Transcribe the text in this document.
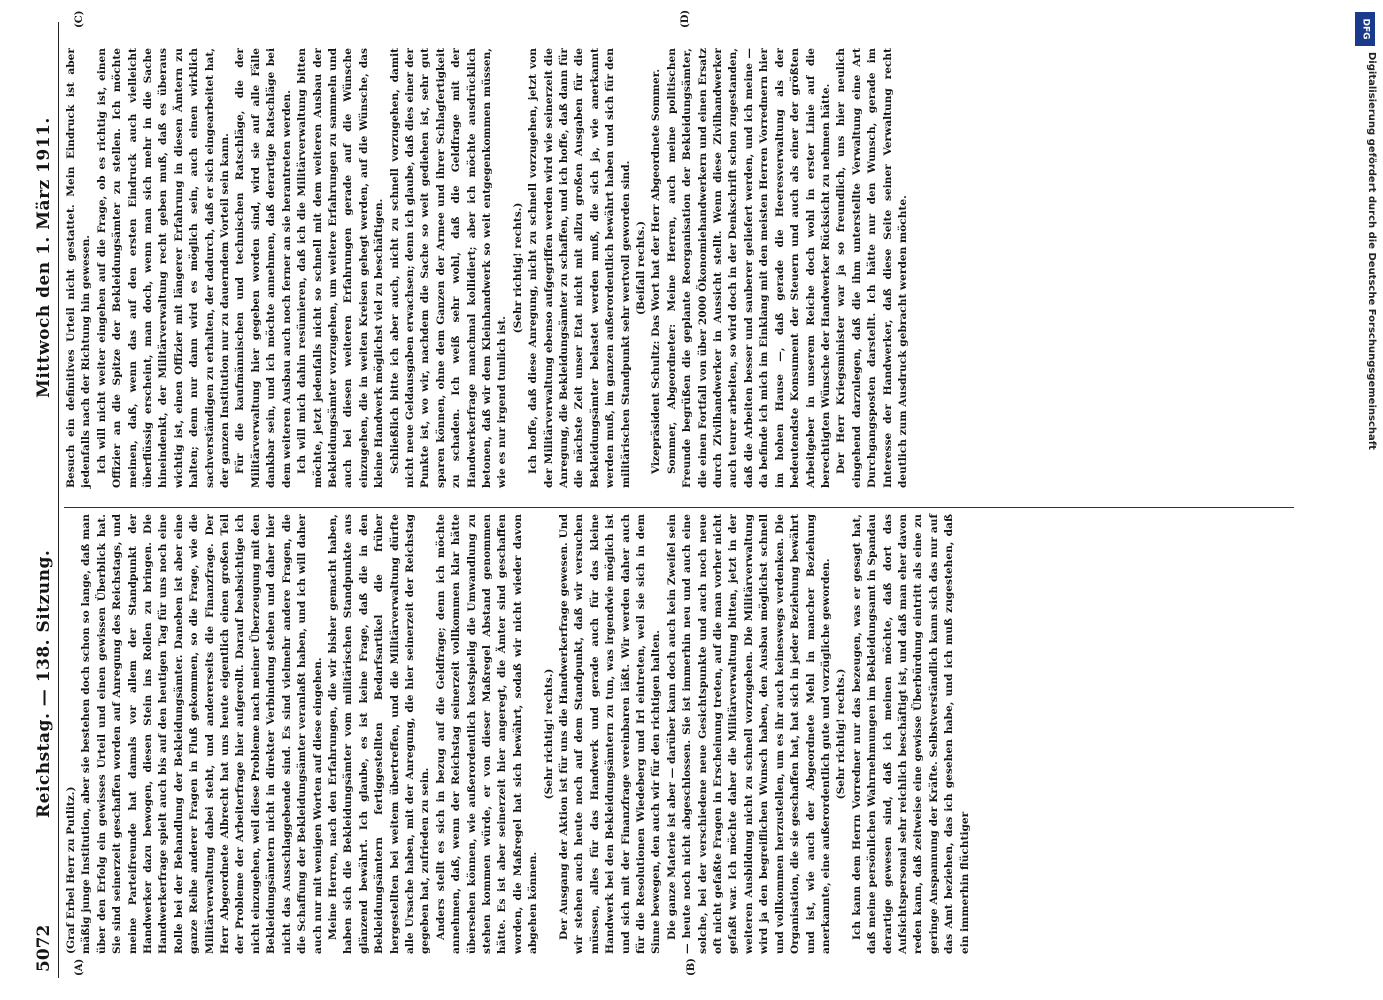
5072
Reichstag. — 138. Sitzung.
Mittwoch den 1. März 1911.
(A)	(B)
(C)	(D)

(Graf Erbel Herr zu Putlitz.) mäßig junge Institution, aber sie bestehen doch schon so lange, daß man über den Erfolg ein gewisses Urteil und einen gewissen Überblick hat. Sie sind seinerzeit geschaffen worden auf Anregung des Reichstags, und meine Parteifreunde hat damals vor allem der Standpunkt der Handwerker dazu bewogen, diesen Stein ins Rollen zu bringen. Die Handwerkerfrage spielt auch bis auf den heutigen Tag für uns noch eine Rolle bei der Behandlung der Bekleidungsämter. Daneben ist aber eine ganze Reihe anderer Fragen in Fluß gekommen, so die Frage, wie die Militärverwaltung dabei steht, und andererseits die Finanzfrage. Der Herr Abgeordnete Albrecht hat uns heute eigentlich einen großen Teil der Probleme der Arbeiterfrage hier aufgerollt. Darauf beabsichtige ich nicht einzugehen, weil diese Probleme nach meiner Überzeugung mit den Bekleidungsämtern nicht in direkter Verbindung stehen und daher hier nicht das Ausschlaggebende sind. Es sind vielmehr andere Fragen, die die Schaffung der Bekleidungsämter veranlaßt haben, und ich will daher auch nur mit wenigen Worten auf diese eingehen. Meine Herren, nach den Erfahrungen, die wir bisher gemacht haben, haben sich die Bekleidungsämter vom militärischen Standpunkte aus glänzend bewährt. Ich glaube, es ist keine Frage, daß die in den Bekleidungsämtern fertiggestellten Bedarfsartikel die früher hergestellten bei weitem übertreffen, und die Militärverwaltung dürfte alle Ursache haben, mit der Anregung, die hier seinerzeit der Reichstag gegeben hat, zufrieden zu sein. Anders stellt es sich in bezug auf die Geldfrage; denn ich möchte annehmen, daß, wenn der Reichstag seinerzeit vollkommen klar hätte übersehen können, wie außerordentlich kostspielig die Umwandlung zu stehen kommen würde, er von dieser Maßregel Abstand genommen hätte. Es ist aber seinerzeit hier angeregt, die Ämter sind geschaffen worden, die Maßregel hat sich bewährt, sodaß wir nicht wieder davon abgehen können.

(Sehr richtig! rechts.) Der Ausgang der Aktion ist für uns die Handwerkerfrage gewesen. Und wir stehen auch heute noch auf dem Standpunkt, daß wir versuchen müssen, alles für das Handwerk und gerade auch für das kleine Handwerk bei den Bekleidungsämtern zu tun, was irgendwie möglich ist und sich mit der Finanzfrage vereinbaren läßt. Wir werden daher auch für die Resolutionen Wiedeberg und Irl eintreten, weil sie sich in dem Sinne bewegen, den auch wir für den richtigen halten. Die ganze Materie ist aber — darüber kann doch auch kein Zweifel sein — heute noch nicht abgeschlossen. Sie ist immerhin neu und auch eine solche, bei der verschiedene neue Gesichtspunkte und auch noch neue oft nicht gefaßte Fragen in Erscheinung treten, auf die man vorher nicht gefaßt war. Ich möchte daher die Militärverwaltung bitten, jetzt in der weiteren Ausbildung nicht zu schnell vorzugehen. Die Militärverwaltung wird ja den begreiflichen Wunsch haben, den Ausbau möglichst schnell und vollkommen herzustellen, um es ihr auch keineswegs verdenken. Die Organisation, die sie geschaffen hat, hat sich in jeder Beziehung bewährt und ist, wie auch der Abgeordnete Mehl in mancher Beziehung anerkannte, eine außerordentlich gute und vorzügliche geworden. (Sehr richtig! rechts.) Ich kann dem Herrn Vorredner nur das bezeugen, was er gesagt hat, daß meine persönlichen Wahrnehmungen im Bekleidungsamt in Spandau derartige gewesen sind, daß ich meinen möchte, daß dort das Aufsichtspersonal sehr reichlich beschäftigt ist, und daß man eher davon reden kann, daß zeitweise eine gewisse Überbürdung eintritt als eine zu geringe Anspannung der Kräfte. Selbstverständlich kann sich das nur auf das Amt beziehen, das ich gesehen habe, und ich muß zugestehen, daß ein immerhin flüchtiger

Besuch ein definitives Urteil nicht gestattet. Mein Eindruck ist aber jedenfalls nach der Richtung hin gewesen. Ich will nicht weiter eingehen auf die Frage, ob es richtig ist, einen Offizier an die Spitze der Bekleidungsämter zu stellen. Ich möchte meinen, daß, wenn das auf den ersten Eindruck auch vielleicht überflüssig erscheint, man doch, wenn man sich mehr in die Sache hineindenkt, der Militärverwaltung recht geben muß, daß es überaus wichtig ist, einen Offizier mit längerer Erfahrung in diesen Ämtern zu halten; denn nur dann wird es möglich sein, auch einen wirklich sachverständigen zu erhalten, der dadurch, daß er sich eingearbeitet hat, der ganzen Institution nur zu dauerndem Vorteil sein kann. Für die kaufmännischen und technischen Ratschläge, die der Militärverwaltung hier gegeben worden sind, wird sie auf alle Fälle dankbar sein, und ich möchte annehmen, daß derartige Ratschläge bei dem weiteren Ausbau auch noch ferner an sie herantreten werden. Ich will mich dahin resümieren, daß ich die Militärverwaltung bitten möchte, jetzt jedenfalls nicht so schnell mit dem weiteren Ausbau der Bekleidungsämter vorzugehen, um weitere Erfahrungen zu sammeln und auch bei diesen weiteren Erfahrungen gerade auf die Wünsche einzugehen, die in weiten Kreisen gehegt werden, auf die Wünsche, das kleine Handwerk möglichst viel zu beschäftigen. Schließlich bitte ich aber auch, nicht zu schnell vorzugehen, damit nicht neue Geldausgaben erwachsen; denn ich glaube, daß dies einer der Punkte ist, wo wir, nachdem die Sache so weit gediehen ist, sehr gut sparen können, ohne dem Ganzen der Armee und ihrer Schlagfertigkeit zu schaden. Ich weiß sehr wohl, daß die Geldfrage mit der Handwerkerfrage manchmal kollidiert; aber ich möchte ausdrücklich betonen, daß wir dem Kleinhandwerk so weit entgegenkommen müssen, wie es nur irgend tunlich ist.

(Sehr richtig! rechts.) Ich hoffe, daß diese Anregung, nicht zu schnell vorzugehen, jetzt von der Militärverwaltung ebenso aufgegriffen werden wird wie seinerzeit die Anregung, die Bekleidungsämter zu schaffen, und ich hoffe, daß dann für die nächste Zeit unser Etat nicht mit allzu großen Ausgaben für die Bekleidungsämter belastet werden muß, die sich ja, wie anerkannt werden muß, im ganzen außerordentlich bewährt haben und sich für den militärischen Standpunkt sehr wertvoll geworden sind. (Beifall rechts.) Vizepräsident Schultz: Das Wort hat der Herr Abgeordnete Sommer. Sommer, Abgeordneter: Meine Herren, auch meine politischen Freunde begrüßen die geplante Reorganisation der Bekleidungsämter, die einen Fortfall von über 2000 Ökonomiehandwerkern und einen Ersatz durch Zivilhandwerker in Aussicht stellt. Wenn diese Zivilhandwerker auch teurer arbeiten, so wird doch in der Denkschrift schon zugestanden, daß die Arbeiten besser und sauberer geliefert werden, und ich meine — da befinde ich mich im Einklang mit den meisten Herren Vorrednern hier im hohen Hause —, daß gerade die Heeresverwaltung als der bedeutendste Konsument der Steuern und auch als einer der größten Arbeitgeber in unserem Reiche doch wohl in erster Linie auf die berechtigten Wünsche der Handwerker Rücksicht zu nehmen hätte. Der Herr Kriegsminister war ja so freundlich, uns hier neulich eingehend darzulegen, daß die ihm unterstellte Verwaltung eine Art Durchgangsposten darstellt. Ich hätte nur den Wunsch, gerade im Interesse der Handwerker, daß diese Seite seiner Verwaltung recht deutlich zum Ausdruck gebracht werden möchte.

DFG
Digitalisierung gefördert durch die Deutsche Forschungsgemeinschaft
